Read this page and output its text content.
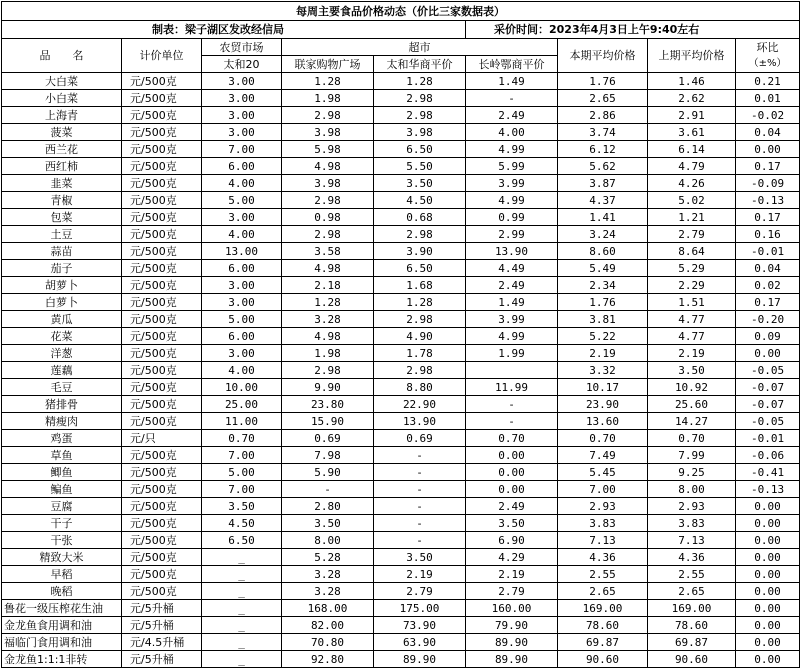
每周主要食品价格动态（价比三家数据表）								
制表：梁子湖区发改经信局					采价时间：2023年4月3日上午9:40左右			
品　　名	计价单位	农贸市场	超市			本期平均价格	上期平均价格	环比
（±%）
		太和20	联家购物广场	太和华商平价	长岭鄂商平价			
大白菜	元/500克	3.00	1.28	1.28	1.49	1.76	1.46	0.21
小白菜	元/500克	3.00	1.98	2.98	-	2.65	2.62	0.01
上海青	元/500克	3.00	2.98	2.98	2.49	2.86	2.91	-0.02
菠菜	元/500克	3.00	3.98	3.98	4.00	3.74	3.61	0.04
西兰花	元/500克	7.00	5.98	6.50	4.99	6.12	6.14	0.00
西红柿	元/500克	6.00	4.98	5.50	5.99	5.62	4.79	0.17
韭菜	元/500克	4.00	3.98	3.50	3.99	3.87	4.26	-0.09
青椒	元/500克	5.00	2.98	4.50	4.99	4.37	5.02	-0.13
包菜	元/500克	3.00	0.98	0.68	0.99	1.41	1.21	0.17
土豆	元/500克	4.00	2.98	2.98	2.99	3.24	2.79	0.16
蒜苗	元/500克	13.00	3.58	3.90	13.90	8.60	8.64	-0.01
茄子	元/500克	6.00	4.98	6.50	4.49	5.49	5.29	0.04
胡萝卜	元/500克	3.00	2.18	1.68	2.49	2.34	2.29	0.02
白萝卜	元/500克	3.00	1.28	1.28	1.49	1.76	1.51	0.17
黄瓜	元/500克	5.00	3.28	2.98	3.99	3.81	4.77	-0.20
花菜	元/500克	6.00	4.98	4.90	4.99	5.22	4.77	0.09
洋葱	元/500克	3.00	1.98	1.78	1.99	2.19	2.19	0.00
莲藕	元/500克	4.00	2.98	2.98		3.32	3.50	-0.05
毛豆	元/500克	10.00	9.90	8.80	11.99	10.17	10.92	-0.07
猪排骨	元/500克	25.00	23.80	22.90	-	23.90	25.60	-0.07
精瘦肉	元/500克	11.00	15.90	13.90	-	13.60	14.27	-0.05
鸡蛋	元/只	0.70	0.69	0.69	0.70	0.70	0.70	-0.01
草鱼	元/500克	7.00	7.98	-	0.00	7.49	7.99	-0.06
鲫鱼	元/500克	5.00	5.90	-	0.00	5.45	9.25	-0.41
鳊鱼	元/500克	7.00	-	-	0.00	7.00	8.00	-0.13
豆腐	元/500克	3.50	2.80	-	2.49	2.93	2.93	0.00
干子	元/500克	4.50	3.50	-	3.50	3.83	3.83	0.00
干张	元/500克	6.50	8.00	-	6.90	7.13	7.13	0.00
精致大米	元/500克	_	5.28	3.50	4.29	4.36	4.36	0.00
早稻	元/500克	_	3.28	2.19	2.19	2.55	2.55	0.00
晚稻	元/500克	_	3.28	2.79	2.79	2.65	2.65	0.00
鲁花一级压榨花生油	元/5升桶	_	168.00	175.00	160.00	169.00	169.00	0.00
金龙鱼食用调和油	元/5升桶	_	82.00	73.90	79.90	78.60	78.60	0.00
福临门食用调和油	元/4.5升桶	_	70.80	63.90	89.90	69.87	69.87	0.00
金龙鱼1:1:1非转	元/5升桶	_	92.80	89.90	89.90	90.60	90.60	0.00
